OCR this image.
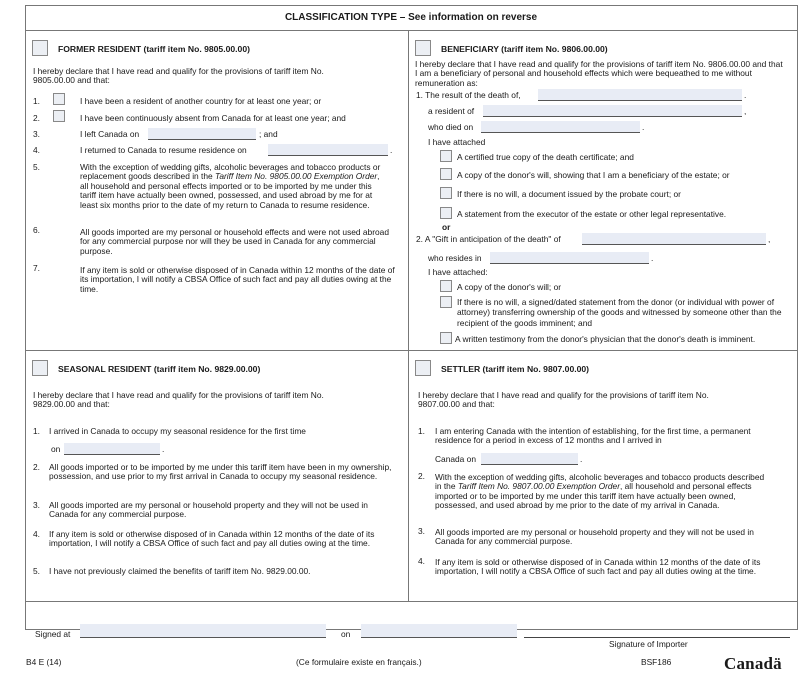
CLASSIFICATION TYPE – See information on reverse
FORMER RESIDENT (tariff item No. 9805.00.00)
I hereby declare that I have read and qualify for the provisions of tariff item No. 9805.00.00 and that:
1.	I have been a resident of another country for at least one year; or
2.	I have been continuously absent from Canada for at least one year; and
3.	I left Canada on	; and
4.	I returned to Canada to resume residence on	.
5.	With the exception of wedding gifts, alcoholic beverages and tobacco products or replacement goods described in the Tariff Item No. 9805.00.00 Exemption Order, all household and personal effects imported or to be imported by me under this tariff item have actually been owned, possessed, and used abroad by me for at least six months prior to the date of my return to Canada to resume residence.
6.	All goods imported are my personal or household effects and were not used abroad for any commercial purpose nor will they be used in Canada for any commercial purpose.
7.	If any item is sold or otherwise disposed of in Canada within 12 months of the date of its importation, I will notify a CBSA Office of such fact and pay all duties owing at the time.
BENEFICIARY (tariff item No. 9806.00.00)
I hereby declare that I have read and qualify for the provisions of tariff item No. 9806.00.00 and that I am a beneficiary of personal and household effects which were bequeathed to me without remuneration as:
1. The result of the death of,	.
a resident of	,
who died on	.
I have attached
A certified true copy of the death certificate; and
A copy of the donor's will, showing that I am a beneficiary of the estate; or
If there is no will, a document issued by the probate court; or
A statement from the executor of the estate or other legal representative.
or
2. A "Gift in anticipation of the death" of	,
who resides in	.
I have attached:
A copy of the donor's will; or
If there is no will, a signed/dated statement from the donor (or individual with power of attorney) transferring ownership of the goods and witnessed by someone other than the recipient of the goods imminent; and
A written testimony from the donor's physician that the donor's death is imminent.
SEASONAL RESIDENT (tariff item No. 9829.00.00)
I hereby declare that I have read and qualify for the provisions of tariff item No. 9829.00.00 and that:
1. I arrived in Canada to occupy my seasonal residence for the first time
on	.
2. All goods imported or to be imported by me under this tariff item have been in my ownership, possession, and use prior to my first arrival in Canada to occupy my seasonal residence.
3. All goods imported are my personal or household property and they will not be used in Canada for any commercial purpose.
4. If any item is sold or otherwise disposed of in Canada within 12 months of the date of its importation, I will notify a CBSA Office of such fact and pay all duties owing at the time.
5. I have not previously claimed the benefits of tariff item No. 9829.00.00.
SETTLER (tariff item No. 9807.00.00)
I hereby declare that I have read and qualify for the provisions of tariff item No. 9807.00.00 and that:
1. I am entering Canada with the intention of establishing, for the first time, a permanent residence for a period in excess of 12 months and I arrived in
Canada on	.
2. With the exception of wedding gifts, alcoholic beverages and tobacco products described in the Tariff Item No. 9807.00.00 Exemption Order, all household and personal effects imported or to be imported by me under this tariff item have actually been owned, possessed, and used abroad by me prior to the date of my arrival in Canada.
3. All goods imported are my personal or household property and they will not be used in Canada for any commercial purpose.
4. If any item is sold or otherwise disposed of in Canada within 12 months of the date of its importation, I will notify a CBSA Office of such fact and pay all duties owing at the time.
Signed at	on
Signature of Importer
B4 E (14)	(Ce formulaire existe en français.)	BSF186	Canadä
